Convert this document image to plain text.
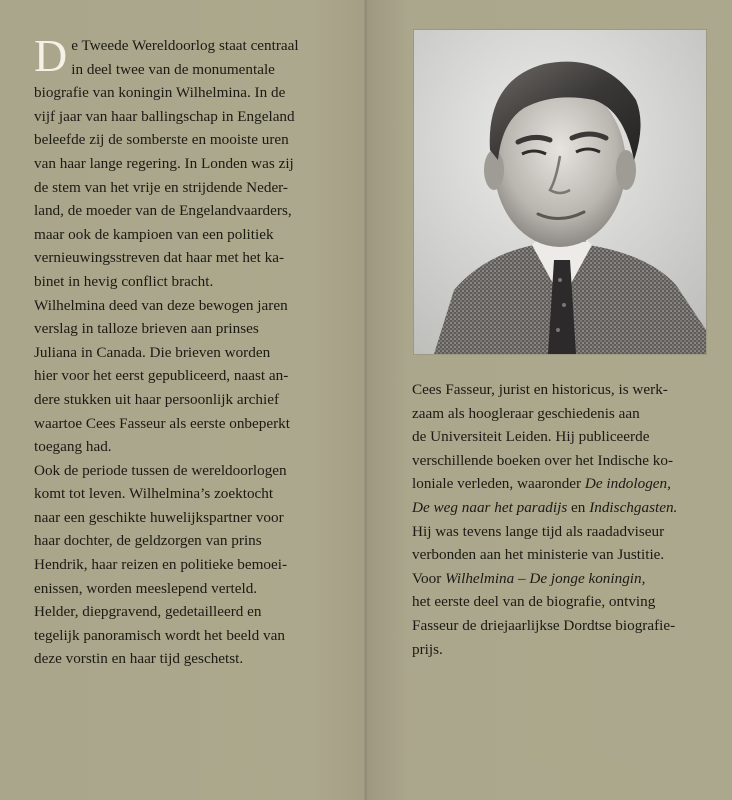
D e Tweede Wereldoorlog staat centraal
in deel twee van de monumentale
biografie van koningin Wilhelmina. In de
vijf jaar van haar ballingschap in Engeland
beleefde zij de somberste en mooiste uren
van haar lange regering. In Londen was zij
de stem van het vrije en strijdende Neder-
land, de moeder van de Engelandvaarders,
maar ook de kampioen van een politiek
vernieuwingsstreven dat haar met het ka-
binet in hevig conflict bracht.
Wilhelmina deed van deze bewogen jaren
verslag in talloze brieven aan prinses
Juliana in Canada. Die brieven worden
hier voor het eerst gepubliceerd, naast an-
dere stukken uit haar persoonlijk archief
waartoe Cees Fasseur als eerste onbeperkt
toegang had.
Ook de periode tussen de wereldoorlogen
komt tot leven. Wilhelmina’s zoektocht
naar een geschikte huwelijkspartner voor
haar dochter, de geldzorgen van prins
Hendrik, haar reizen en politieke bemoei-
enissen, worden meeslepend verteld.
Helder, diepgravend, gedetailleerd en
tegelijk panoramisch wordt het beeld van
deze vorstin en haar tijd geschetst.
Cees Fasseur, jurist en historicus, is werk-
zaam als hoogleraar geschiedenis aan
de Universiteit Leiden. Hij publiceerde
verschillende boeken over het Indische ko-
loniale verleden, waaronder De indologen,
De weg naar het paradijs en Indischgasten.
Hij was tevens lange tijd als raadadviseur
verbonden aan het ministerie van Justitie.
Voor Wilhelmina – De jonge koningin,
het eerste deel van de biografie, ontving
Fasseur de driejaarlijkse Dordtse biografie-
prijs.
